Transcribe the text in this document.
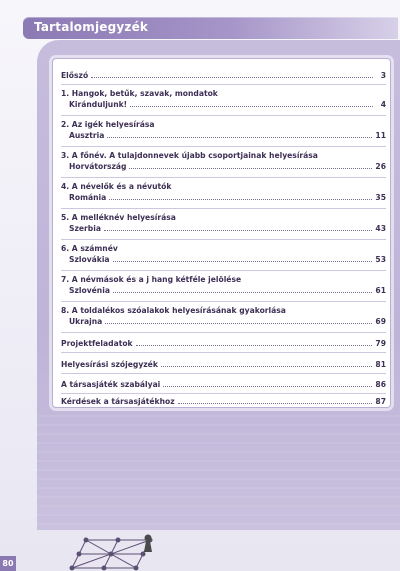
Tartalomjegyzék
Előszó	3
1. Hangok, betűk, szavak, mondatok
Kiránduljunk!	4
2. Az igék helyesírása
Ausztria	11
3. A főnév. A tulajdonnevek újabb csoportjainak helyesírása
Horvátország	26
4. A névelők és a névutók
Románia	35
5. A melléknév helyesírása
Szerbia	43
6. A számnév
Szlovákia	53
7. A névmások és a j hang kétféle jelölése
Szlovénia	61
8. A toldalékos szóalakok helyesírásának gyakorlása
Ukrajna	69
Projektfeladatok	79
Helyesírási szójegyzék	81
A társasjáték szabályai	86
Kérdések a társasjátékhoz	87
80
